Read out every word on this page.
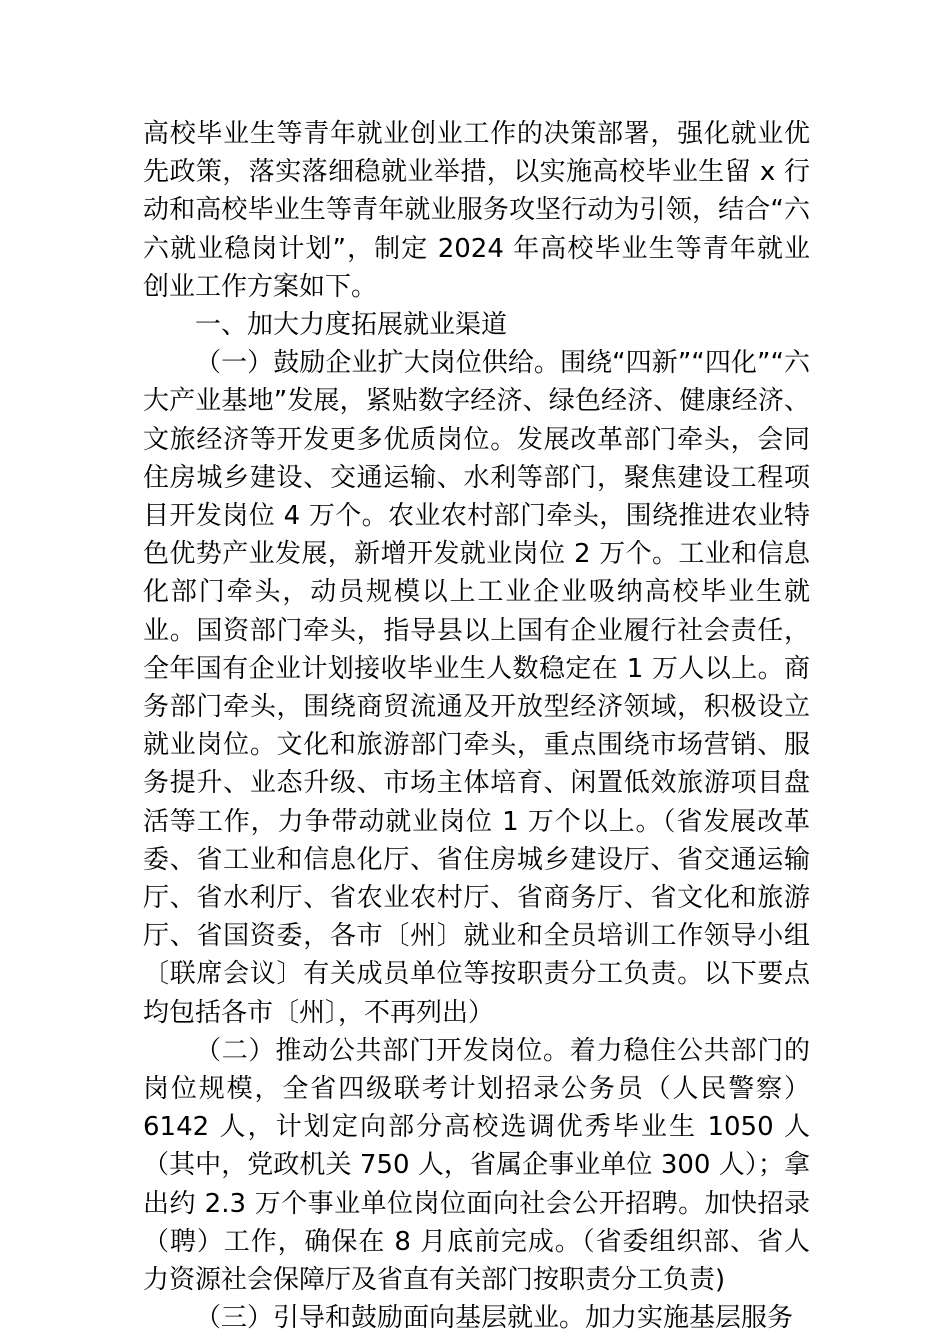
高校毕业生等青年就业创业工作的决策部署，强化就业优先政策，落实落细稳就业举措，以实施高校毕业生留 x 行动和高校毕业生等青年就业服务攻坚行动为引领，结合“六六就业稳岗计划”，制定 2024 年高校毕业生等青年就业创业工作方案如下。

一、加大力度拓展就业渠道

（一）鼓励企业扩大岗位供给。围绕“四新”“四化”“六大产业基地”发展，紧贴数字经济、绿色经济、健康经济、文旅经济等开发更多优质岗位。发展改革部门牵头，会同住房城乡建设、交通运输、水利等部门，聚焦建设工程项目开发岗位 4 万个。农业农村部门牵头，围绕推进农业特色优势产业发展，新增开发就业岗位 2 万个。工业和信息化部门牵头，动员规模以上工业企业吸纳高校毕业生就业。国资部门牵头，指导县以上国有企业履行社会责任，全年国有企业计划接收毕业生人数稳定在 1 万人以上。商务部门牵头，围绕商贸流通及开放型经济领域，积极设立就业岗位。文化和旅游部门牵头，重点围绕市场营销、服务提升、业态升级、市场主体培育、闲置低效旅游项目盘活等工作，力争带动就业岗位 1 万个以上。（省发展改革委、省工业和信息化厅、省住房城乡建设厅、省交通运输厅、省水利厅、省农业农村厅、省商务厅、省文化和旅游厅、省国资委，各市〔州〕就业和全员培训工作领导小组〔联席会议〕有关成员单位等按职责分工负责。以下要点均包括各市〔州〕，不再列出）

（二）推动公共部门开发岗位。着力稳住公共部门的岗位规模，全省四级联考计划招录公务员（人民警察）6142 人，计划定向部分高校选调优秀毕业生 1050 人（其中，党政机关 750 人，省属企事业单位 300 人）；拿出约 2.3 万个事业单位岗位面向社会公开招聘。加快招录（聘）工作，确保在 8 月底前完成。（省委组织部、省人力资源社会保障厅及省直有关部门按职责分工负责)

（三）引导和鼓励面向基层就业。加力实施基层服务
